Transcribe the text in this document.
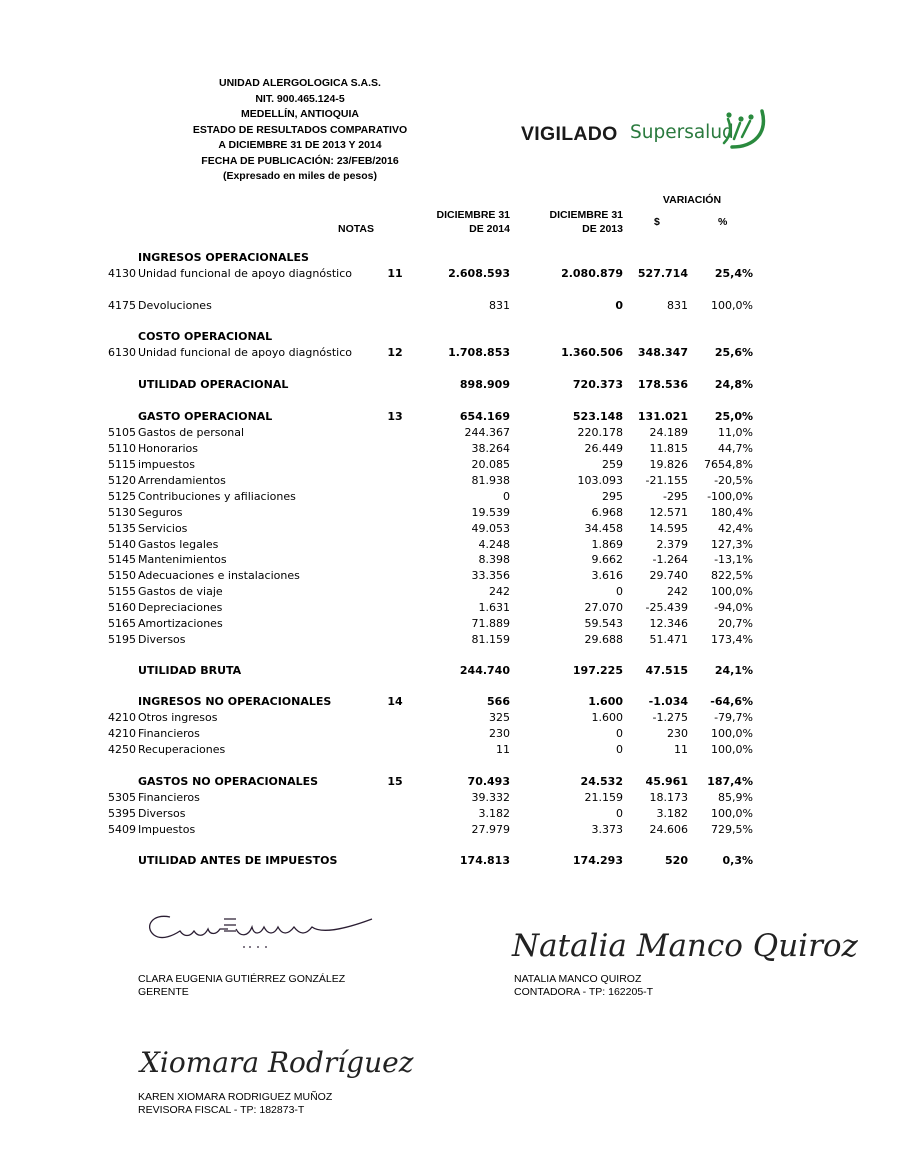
UNIDAD ALERGOLOGICA S.A.S.
NIT. 900.465.124-5
MEDELLÍN, ANTIOQUIA
ESTADO DE RESULTADOS COMPARATIVO
A DICIEMBRE 31 DE 2013 Y 2014
FECHA DE PUBLICACIÓN: 23/FEB/2016
(Expresado en miles de pesos)
VIGILADO Supersalud
VARIACIÓN
NOTAS
DICIEMBRE 31
DE 2014
DICIEMBRE 31
DE 2013
$	%
INGRESOS OPERACIONALES
4130 Unidad funcional de apoyo diagnóstico	11	2.608.593	2.080.879 527.714 25,4%
4175 Devoluciones	831	0	831 100,0%
COSTO OPERACIONAL
6130 Unidad funcional de apoyo diagnóstico	12	1.708.853	1.360.506 348.347 25,6%
UTILIDAD OPERACIONAL	898.909	720.373 178.536 24,8%
GASTO OPERACIONAL	13	654.169	523.148 131.021 25,0%
5105 Gastos de personal	244.367	220.178 24.189	11,0%
5110 Honorarios	38.264	26.449 11.815	44,7%
5115 impuestos	20.085	259 19.826 7654,8%
5120 Arrendamientos	81.938	103.093 -21.155 -20,5%
5125 Contribuciones y afiliaciones	0	295	-295 -100,0%
5130 Seguros	19.539	6.968 12.571 180,4%
5135 Servicios	49.053	34.458 14.595	42,4%
5140 Gastos legales	4.248	1.869	2.379 127,3%
5145 Mantenimientos	8.398	9.662	-1.264 -13,1%
5150 Adecuaciones e instalaciones	33.356	3.616 29.740 822,5%
5155 Gastos de viaje	242	0	242 100,0%
5160 Depreciaciones	1.631	27.070 -25.439 -94,0%
5165 Amortizaciones	71.889	59.543 12.346	20,7%
5195 Diversos	81.159	29.688 51.471 173,4%
UTILIDAD BRUTA	244.740	197.225 47.515 24,1%
INGRESOS NO OPERACIONALES	14	566	1.600 -1.034 -64,6%
4210 Otros ingresos	325	1.600	-1.275 -79,7%
4210 Financieros	230	0	230 100,0%
4250 Recuperaciones	11	0	11 100,0%
GASTOS NO OPERACIONALES	15	70.493	24.532 45.961 187,4%
5305 Financieros	39.332	21.159 18.173	85,9%
5395 Diversos	3.182	0	3.182 100,0%
5409 Impuestos	27.979	3.373 24.606 729,5%
UTILIDAD ANTES DE IMPUESTOS	174.813	174.293	520	0,3%
CLARA EUGENIA GUTIÉRREZ GONZÁLEZ
GERENTE
Natalia Manco Quiroz
NATALIA MANCO QUIROZ
CONTADORA - TP: 162205-T
Xiomara Rodríguez
KAREN XIOMARA RODRIGUEZ MUÑOZ
REVISORA FISCAL - TP: 182873-T
